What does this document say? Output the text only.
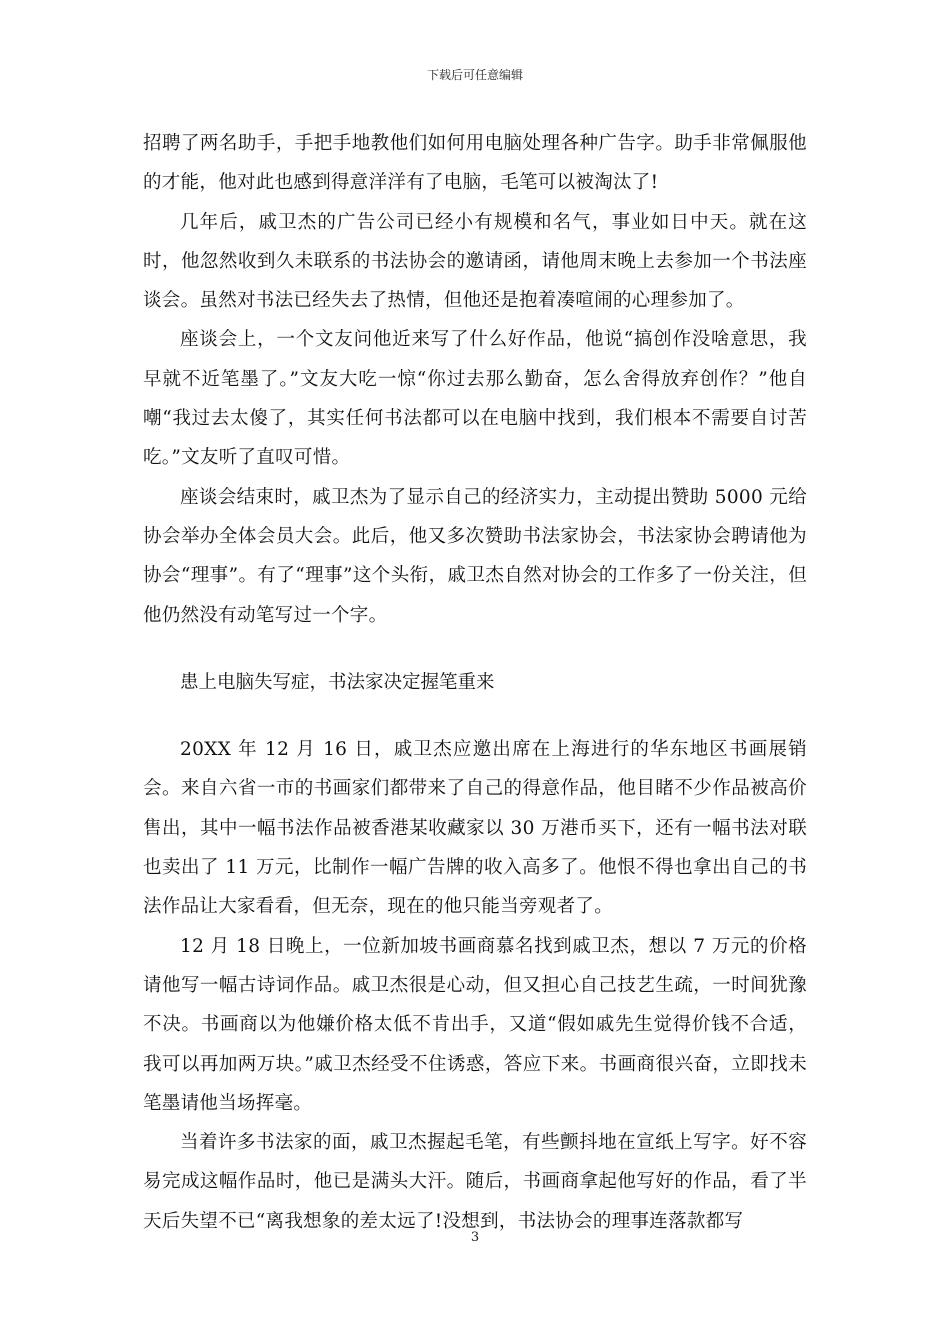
下载后可任意编辑

招聘了两名助手，手把手地教他们如何用电脑处理各种广告字。助手非常佩服他的才能，他对此也感到得意洋洋有了电脑，毛笔可以被淘汰了!

几年后，戚卫杰的广告公司已经小有规模和名气，事业如日中天。就在这时，他忽然收到久未联系的书法协会的邀请函，请他周末晚上去参加一个书法座谈会。虽然对书法已经失去了热情，但他还是抱着凑喧闹的心理参加了。

座谈会上，一个文友问他近来写了什么好作品，他说“搞创作没啥意思，我早就不近笔墨了。”文友大吃一惊“你过去那么勤奋，怎么舍得放弃创作？”他自嘲“我过去太傻了，其实任何书法都可以在电脑中找到，我们根本不需要自讨苦吃。”文友听了直叹可惜。

座谈会结束时，戚卫杰为了显示自己的经济实力，主动提出赞助 5000 元给协会举办全体会员大会。此后，他又多次赞助书法家协会，书法家协会聘请他为协会“理事”。有了“理事”这个头衔，戚卫杰自然对协会的工作多了一份关注，但他仍然没有动笔写过一个字。

患上电脑失写症，书法家决定握笔重来

20XX 年 12 月 16 日，戚卫杰应邀出席在上海进行的华东地区书画展销会。来自六省一市的书画家们都带来了自己的得意作品，他目睹不少作品被高价售出，其中一幅书法作品被香港某收藏家以 30 万港币买下，还有一幅书法对联也卖出了 11 万元，比制作一幅广告牌的收入高多了。他恨不得也拿出自己的书法作品让大家看看，但无奈，现在的他只能当旁观者了。

12 月 18 日晚上，一位新加坡书画商慕名找到戚卫杰，想以 7 万元的价格请他写一幅古诗词作品。戚卫杰很是心动，但又担心自己技艺生疏，一时间犹豫不决。书画商以为他嫌价格太低不肯出手，又道“假如戚先生觉得价钱不合适，我可以再加两万块。”戚卫杰经受不住诱惑，答应下来。书画商很兴奋，立即找未笔墨请他当场挥毫。

当着许多书法家的面，戚卫杰握起毛笔，有些颤抖地在宣纸上写字。好不容易完成这幅作品时，他已是满头大汗。随后，书画商拿起他写好的作品，看了半天后失望不已“离我想象的差太远了!没想到，书法协会的理事连落款都写

3
